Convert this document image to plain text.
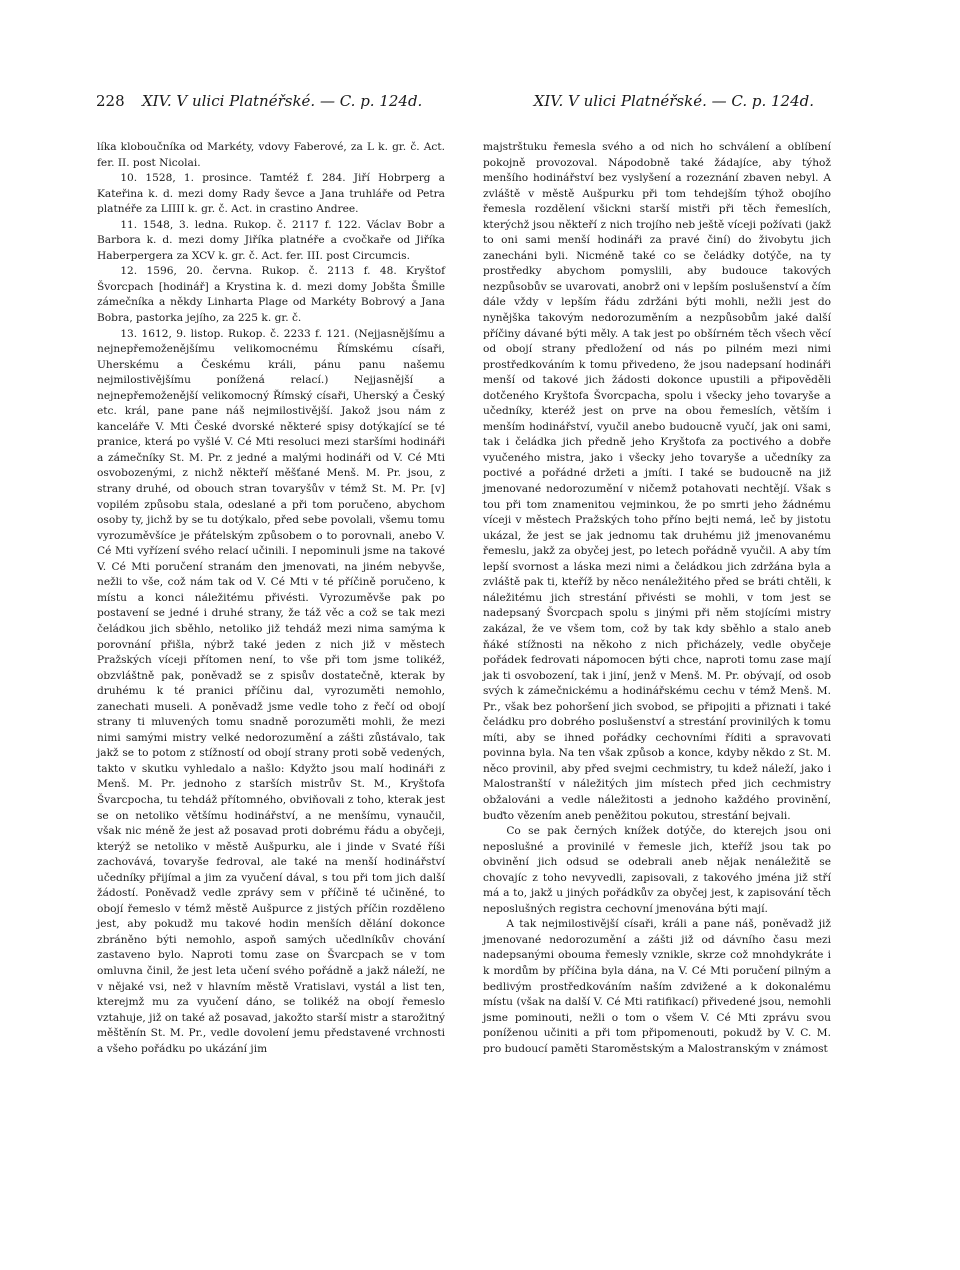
228 XIV. V ulici Platnéřské. — C. p. 124d.	XIV. V ulici Platnéřské. — C. p. 124d.

líka kloboučníka od Markéty, vdovy Faberové, za L k. gr. č. Act. fer. II. post Nicolai.

10. 1528, 1. prosince. Tamtéž f. 284. Jiří Hobrperg a Kateřina k. d. mezi domy Rady ševce a Jana truhláře od Petra platnéře za LIIII k. gr. č. Act. in crastino Andree.

11. 1548, 3. ledna. Rukop. č. 2117 f. 122. Václav Bobr a Barbora k. d. mezi domy Jiříka platnéře a cvočkaře od Jiříka Haberpergera za XCV k. gr. č. Act. fer. III. post Circumcis.

12. 1596, 20. června. Rukop. č. 2113 f. 48. Kryštof Švorcpach [hodinář] a Krystina k. d. mezi domy Jobšta Šmille zámečníka a někdy Linharta Plage od Markéty Bobrový a Jana Bobra, pastorka jejího, za 225 k. gr. č.

13. 1612, 9. listop. Rukop. č. 2233 f. 121. (Nejjasnějšímu a nejnepřemoženějšímu velikomocnému Římskému císaři, Uherskému a Českému králi, pánu panu našemu nejmilostivějšímu ponížená relací.) Nejjasnější a nejnepřemoženější velikomocný Římský císaři, Uherský a Český etc. král, pane pane náš nejmilostivější. Jakož jsou nám z kanceláře V. Mti České dvorské některé spisy dotýkající se té pranice, která po vyšlé V. Cé Mti resoluci mezi staršími hodináři a zámečníky St. M. Pr. z jedné a malými hodináři od V. Cé Mti osvobozenými, z nichž někteří měšťané Menš. M. Pr. jsou, z strany druhé, od obouch stran tovaryšův v témž St. M. Pr. [v] vopilém způsobu stala, odeslané a při tom poručeno, abychom osoby ty, jichž by se tu dotýkalo, před sebe povolali, všemu tomu vyrozuměvšíce je přátelským způsobem o to porovnali, anebo V. Cé Mti vyřízení svého relací učinili. I nepominuli jsme na takové V. Cé Mti poručení stranám den jmenovati, na jiném nebyvše, nežli to vše, což nám tak od V. Cé Mti v té příčině poručeno, k místu a konci náležitému přivésti. Vyrozuměvše pak po postavení se jedné i druhé strany, že táž věc a což se tak mezi čeládkou jich sběhlo, netoliko již tehdáž mezi nima samýma k porovnání přišla, nýbrž také jeden z nich již v městech Pražských víceji přítomen není, to vše při tom jsme tolikéž, obzvláštně pak, poněvadž se z spisův dostatečně, kterak by druhému k té pranici příčinu dal, vyrozuměti nemohlo, zanechati museli. A poněvadž jsme vedle toho z řečí od obojí strany ti mluvených tomu snadně porozuměti mohli, že mezi nimi samými mistry velké nedorozumění a zášti zůstávalo, tak jakž se to potom z stížností od obojí strany proti sobě vedených, takto v skutku vyhledalo a našlo: Kdyžto jsou malí hodináři z Menš. M. Pr. jednoho z starších mistrův St. M., Kryštofa Švarcpocha, tu tehdáž přítomného, obviňovali z toho, kterak jest se on netoliko většímu hodinářství, a ne menšímu, vynaučil, však nic méně že jest až posavad proti dobrému řádu a obyčeji, kterýž se netoliko v městě Aušpurku, ale i jinde v Svaté říši zachovává, tovaryše fedroval, ale také na menší hodinářství učedníky přijímal a jim za vyučení dával, s tou při tom jich další žádostí. Poněvadž vedle zprávy sem v příčině té učiněné, to obojí řemeslo v témž městě Aušpurce z jistých příčin rozděleno jest, aby pokudž mu takové hodin menších dělání dokonce zbráněno býti nemohlo, aspoň samých učedlníkův chování zastaveno bylo. Naproti tomu zase on Švarcpach se v tom omluvna činil, že jest leta učení svého pořádně a jakž náleží, ne v nějaké vsi, než v hlavním městě Vratislavi, vystál a list ten, kterejmž mu za vyučení dáno, se tolikéž na obojí řemeslo vztahuje, již on také až posavad, jakožto starší mistr a starožitný měštěnín St. M. Pr., vedle dovolení jemu představené vrchnosti a všeho pořádku po ukázání jim

majstrštuku řemesla svého a od nich ho schválení a oblíbení pokojně provozoval. Nápodobně také žádajíce, aby týhož menšího hodinářství bez vyslyšení a rozeznání zbaven nebyl. A zvláště v městě Aušpurku při tom tehdejším týhož obojího řemesla rozdělení všickni starší mistři při těch řemeslích, kterýchž jsou někteří z nich trojího neb ještě víceji požívati (jakž to oni sami menší hodináři za pravé činí) do živobytu jich zanecháni byli. Nicméně také co se čeládky dotýče, na ty prostředky abychom pomyslili, aby budouce takových nezpůsobův se uvarovati, anobrž oni v lepším poslušenství a čím dále vždy v lepším řádu zdržáni býti mohli, nežli jest do nynějška takovým nedorozuměním a nezpůsobům jaké další příčiny dávané býti měly. A tak jest po obšírném těch všech věcí od obojí strany předložení od nás po pilném mezi nimi prostředkováním k tomu přivedeno, že jsou nadepsaní hodináři menší od takové jich žádosti dokonce upustili a připověděli dotčeného Kryštofa Švorcpacha, spolu i všecky jeho tovaryše a učedníky, kteréž jest on prve na obou řemeslích, větším i menším hodinářství, vyučil anebo budoucně vyučí, jak oni sami, tak i čeládka jich předně jeho Kryštofa za poctivého a dobře vyučeného mistra, jako i všecky jeho tovaryše a učedníky za poctivé a pořádné držeti a jmíti. I také se budoucně na již jmenované nedorozumění v ničemž potahovati nechtějí. Však s tou při tom znamenitou vejminkou, že po smrti jeho žádnému víceji v městech Pražských toho příno bejti nemá, leč by jistotu ukázal, že jest se jak jednomu tak druhému již jmenovanému řemeslu, jakž za obyčej jest, po letech pořádně vyučil. A aby tím lepší svornost a láska mezi nimi a čeládkou jich zdržána byla a zvláště pak ti, kteříž by něco nenáležitého před se bráti chtěli, k náležitému jich strestání přivésti se mohli, v tom jest se nadepsaný Švorcpach spolu s jinými při něm stojícími mistry zakázal, že ve všem tom, což by tak kdy sběhlo a stalo aneb ňáké stížnosti na někoho z nich přicházely, vedle obyčeje pořádek fedrovati nápomocen býti chce, naproti tomu zase mají jak ti osvobození, tak i jiní, jenž v Menš. M. Pr. obývají, od osob svých k zámečnickému a hodinářskému cechu v témž Menš. M. Pr., však bez pohoršení jich svobod, se připojiti a přiznati i také čeládku pro dobrého poslušenství a strestání provinilých k tomu míti, aby se ihned pořádky cechovními říditi a spravovati povinna byla. Na ten však způsob a konce, kdyby někdo z St. M. něco provinil, aby před svejmi cechmistry, tu kdež náleží, jako i Malostranští v náležitých jim místech před jich cechmistry obžalováni a vedle náležitosti a jednoho každého provinění, buďto vězením aneb peněžitou pokutou, strestání bejvali.

Co se pak černých knížek dotýče, do kterejch jsou oni neposlušné a provinilé v řemesle jich, kteříž jsou tak po obvinění jich odsud se odebrali aneb nějak nenáležitě se chovajíc z toho nevyvedli, zapisovali, z takového jména již stří má a to, jakž u jiných pořádkův za obyčej jest, k zapisování těch neposlušných registra cechovní jmenována býti mají.

A tak nejmilostivější císaři, králi a pane náš, poněvadž již jmenované nedorozumění a zášti již od dávního času mezi nadepsanými obouma řemesly vznikle, skrze což mnohdykráte i k mordům by příčina byla dána, na V. Cé Mti poručení pilným a bedlivým prostředkováním naším zdvižené a k dokonalému místu (však na další V. Cé Mti ratifikací) přivedené jsou, nemohli jsme pominouti, nežli o tom o všem V. Cé Mti zprávu svou poníženou učiniti a při tom připomenouti, pokudž by V. C. M. pro budoucí paměti Staroměstským a Malostranským v známost
